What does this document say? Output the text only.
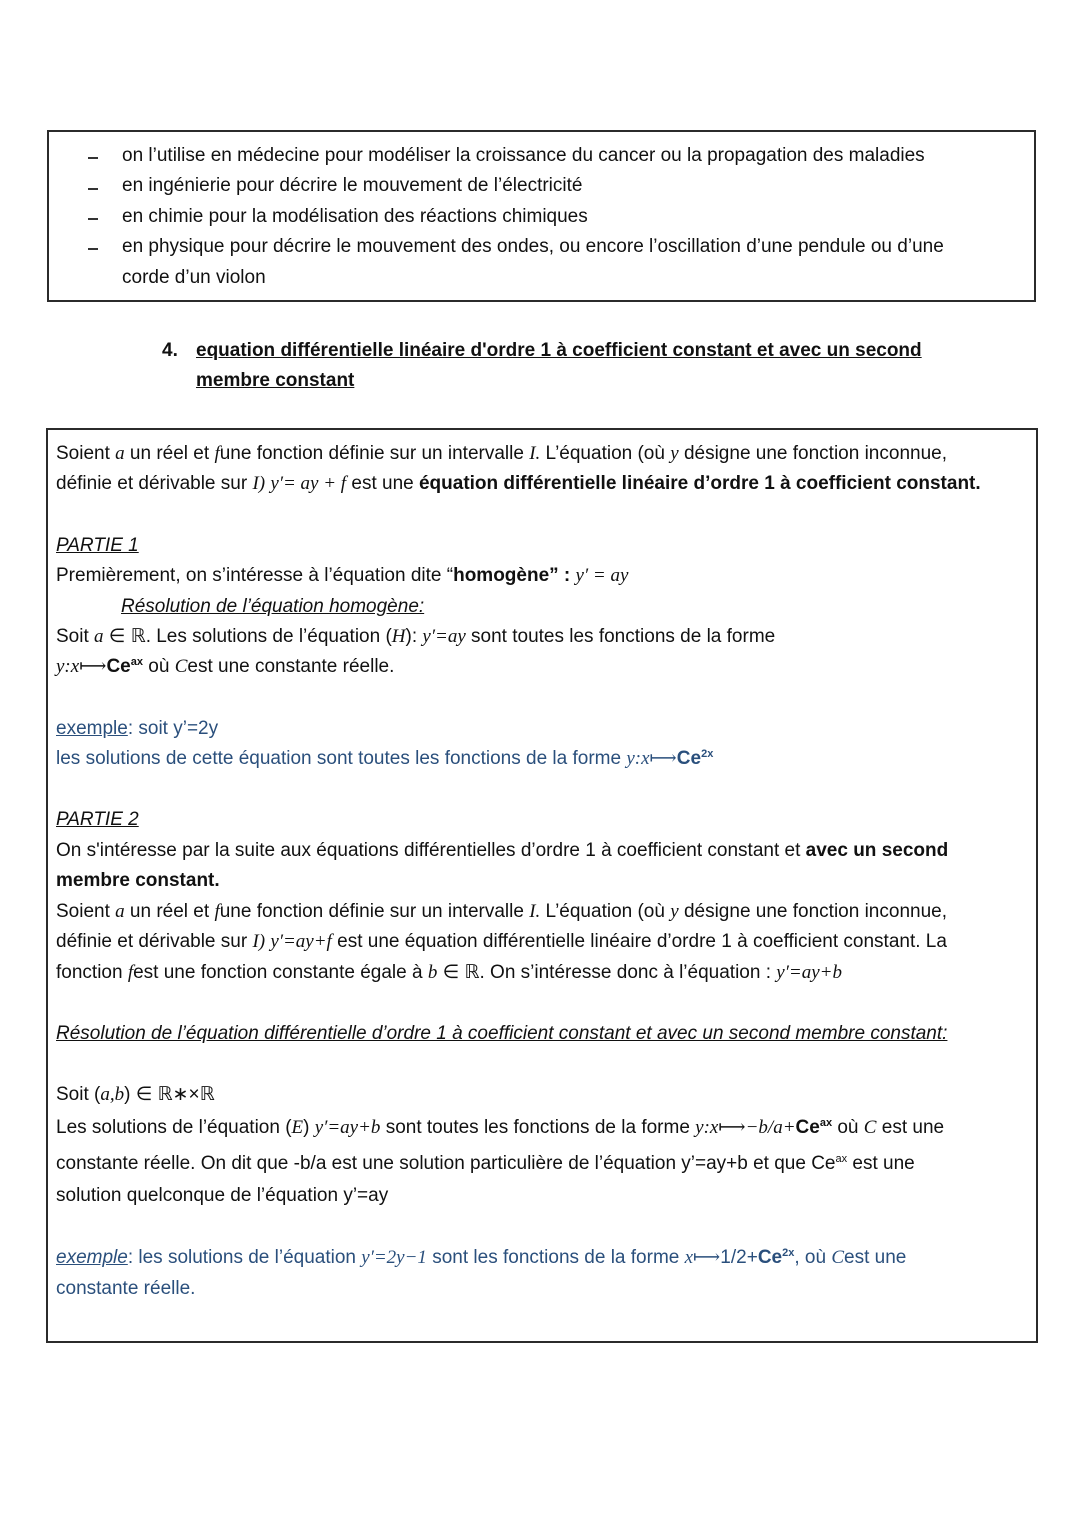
on l’utilise en médecine pour modéliser la croissance du cancer ou la propagation des maladies
en ingénierie pour décrire le mouvement de l’électricité
en chimie pour la modélisation des réactions chimiques
en physique pour décrire le mouvement des ondes, ou encore l’oscillation d’une pendule ou d’une
corde d’un violon
4. equation différentielle linéaire d'ordre 1 à coefficient constant et avec un second
membre constant
Soient a un réel et fune fonction définie sur un intervalle I. L’équation (où y désigne une fonction inconnue,
définie et dérivable sur I) y′= ay + f est une équation différentielle linéaire d’ordre 1 à coefficient constant.
PARTIE 1
Premièrement, on s’intéresse à l’équation dite “homogène” : y′ = ay
Résolution de l’équation homogène:
Soit a ∈ ℝ. Les solutions de l’équation (H): y′=ay sont toutes les fonctions de la forme
$y:x⟼Ce^{ax}$ où Cest une constante réelle.
exemple: soit y’=2y
les solutions de cette équation sont toutes les fonctions de la forme $y:x⟼Ce^{2x}$
PARTIE 2
On s'intéresse par la suite aux équations différentielles d’ordre 1 à coefficient constant et avec un second
membre constant.
Soient a un réel et fune fonction définie sur un intervalle I. L’équation (où y désigne une fonction inconnue,
définie et dérivable sur I) y′=ay+f est une équation différentielle linéaire d’ordre 1 à coefficient constant. La
fonction fest une fonction constante égale à b ∈ ℝ. On s’intéresse donc à l’équation : y′=ay+b
Résolution de l’équation différentielle d’ordre 1 à coefficient constant et avec un second membre constant:
Soit (a,b) ∈ ℝ∗×ℝ
Les solutions de l’équation (E) y′=ay+b sont toutes les fonctions de la forme $y:x⟼-b/a+Ce^{ax}$ où C est une
constante réelle. On dit que -b/a est une solution particulière de l’équation y’=ay+b et que $Ce^{ax}$ est une
solution quelconque de l’équation y’=ay
exemple: les solutions de l’équation y′=2y−1 sont les fonctions de la forme $x⟼1/2+Ce^{2x}$, où Cest une
constante réelle.
